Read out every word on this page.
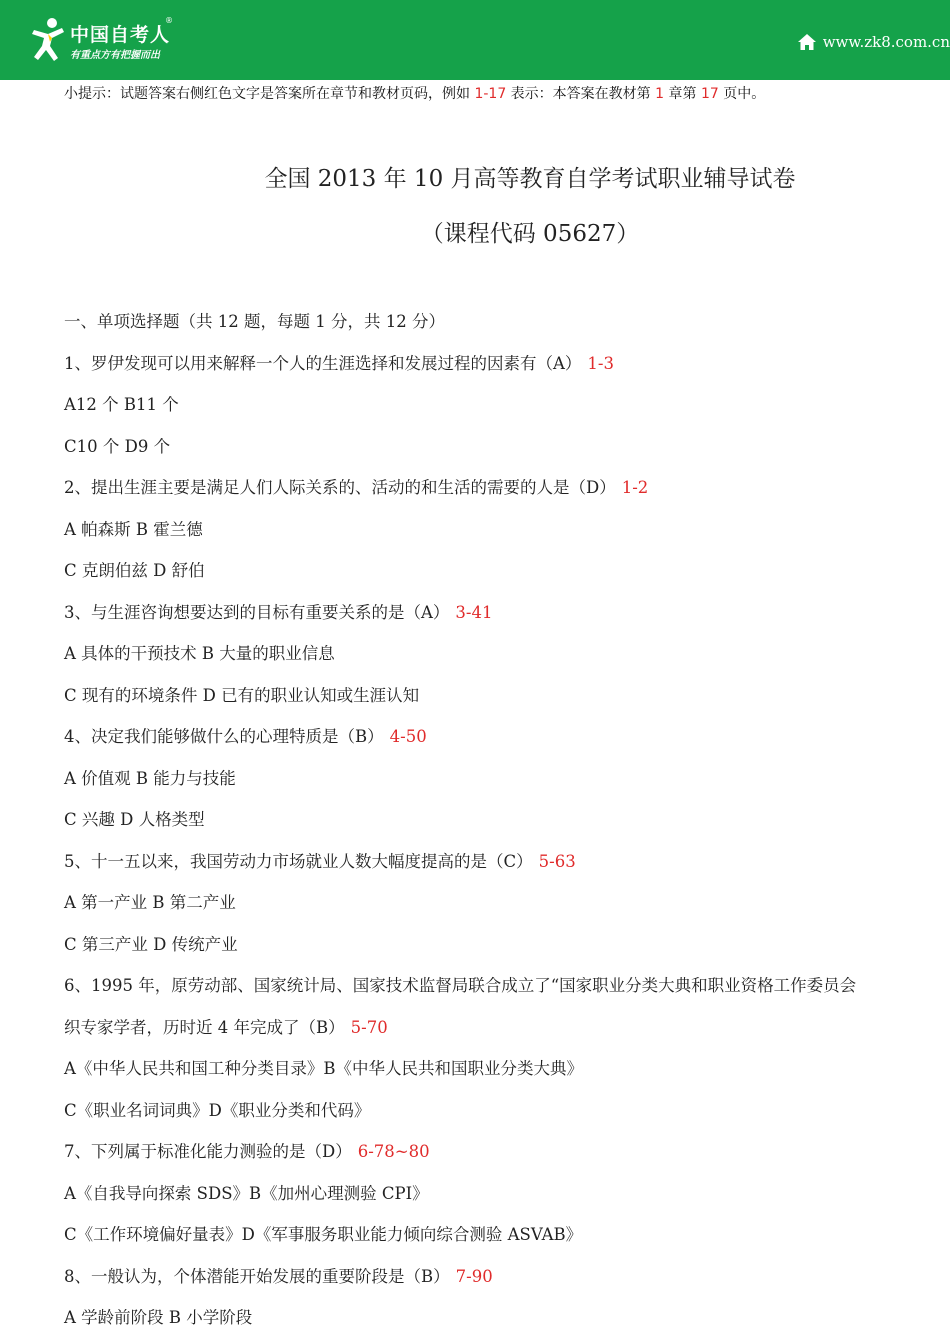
中国自考人
®
有重点方有把握而出
www.zk8.com.cn
小提示：试题答案右侧红色文字是答案所在章节和教材页码，例如 1-17 表示：本答案在教材第 1 章第 17 页中。
全国 2013 年 10 月高等教育自学考试职业辅导试卷
（课程代码 05627）
一、单项选择题（共 12 题，每题 1 分，共 12 分）
1、罗伊发现可以用来解释一个人的生涯选择和发展过程的因素有（A） 1-3
A12 个 B11 个
C10 个 D9 个
2、提出生涯主要是满足人们人际关系的、活动的和生活的需要的人是（D） 1-2
A 帕森斯 B 霍兰德
C 克朗伯兹 D 舒伯
3、与生涯咨询想要达到的目标有重要关系的是（A） 3-41
A 具体的干预技术 B 大量的职业信息
C 现有的环境条件 D 已有的职业认知或生涯认知
4、决定我们能够做什么的心理特质是（B） 4-50
A 价值观 B 能力与技能
C 兴趣 D 人格类型
5、十一五以来，我国劳动力市场就业人数大幅度提高的是（C） 5-63
A 第一产业 B 第二产业
C 第三产业 D 传统产业
6、1995 年，原劳动部、国家统计局、国家技术监督局联合成立了“国家职业分类大典和职业资格工作委员会
织专家学者，历时近 4 年完成了（B） 5-70
A《中华人民共和国工种分类目录》B《中华人民共和国职业分类大典》
C《职业名词词典》D《职业分类和代码》
7、下列属于标准化能力测验的是（D） 6-78~80
A《自我导向探索 SDS》B《加州心理测验 CPI》
C《工作环境偏好量表》D《军事服务职业能力倾向综合测验 ASVAB》
8、一般认为，个体潜能开始发展的重要阶段是（B） 7-90
A 学龄前阶段 B 小学阶段
